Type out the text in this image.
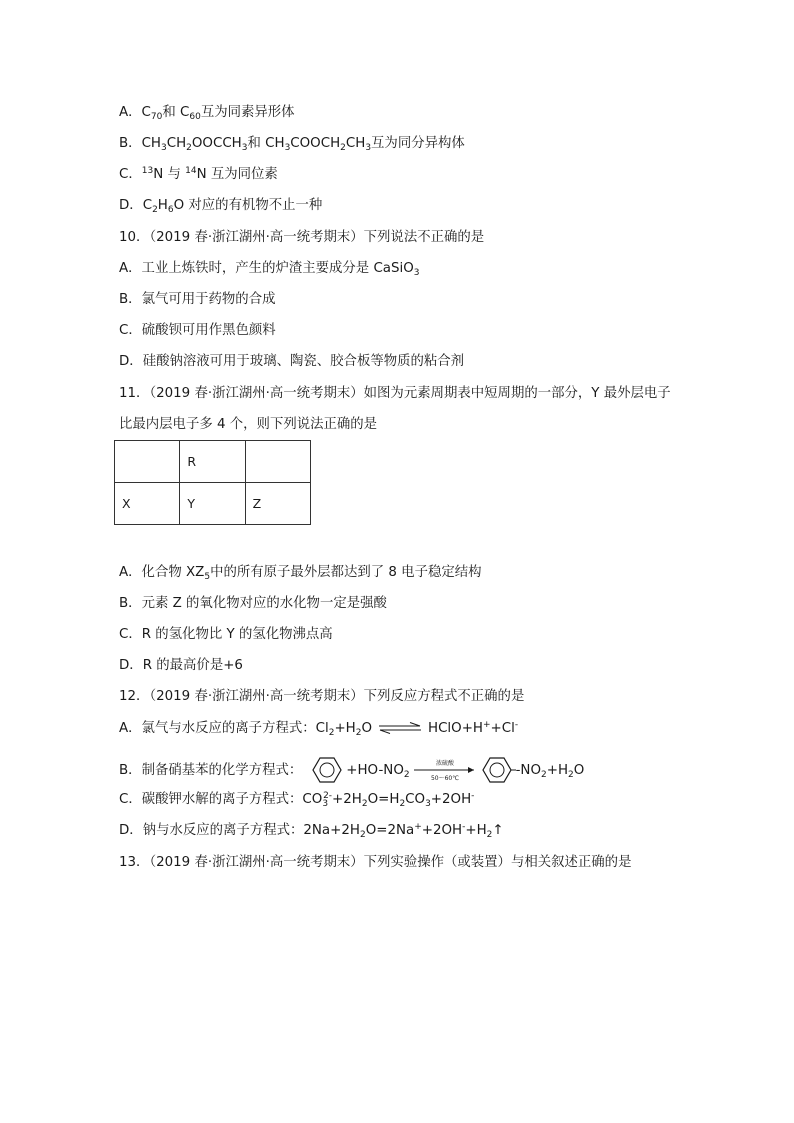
A．$C_{70}$和 $C_{60}$互为同素异形体
B．$CH_3CH_2OOCCH_3$和 $CH_3COOCH_2CH_3$互为同分异构体
C．$^{13}$N 与 $^{14}$N 互为同位素
D．$C_2H_6O$ 对应的有机物不止一种
10．（2019 春·浙江湖州·高一统考期末）下列说法不正确的是
A．工业上炼铁时，产生的炉渣主要成分是 CaSiO$_3$
B．氯气可用于药物的合成
C．硫酸钡可用作黑色颜料
D．硅酸钠溶液可用于玻璃、陶瓷、胶合板等物质的粘合剂
11．（2019 春·浙江湖州·高一统考期末）如图为元素周期表中短周期的一部分，Y 最外层电子
比最内层电子多 4 个，则下列说法正确的是
	R	
X	Y	Z
A．化合物 $XZ_5$中的所有原子最外层都达到了 8 电子稳定结构
B．元素 Z 的氧化物对应的水化物一定是强酸
C．R 的氢化物比 Y 的氢化物沸点高
D．R 的最高价是+6
12．（2019 春·浙江湖州·高一统考期末）下列反应方程式不正确的是
A．氯气与水反应的离子方程式：$Cl_2+H_2O$ ⇌ HClO+H++Cl-
B．制备硝基苯的化学方程式：	$+HO-NO_2$
浓硫酸
50～60℃
$-NO_2+H_2O$
C．碳酸钾水解的离子方程式：$CO_3^{2-}+2H_2O=H_2CO_3+2OH^-$
D．钠与水反应的离子方程式：$2Na+2H_2O=2Na^++2OH^-+H_2↑$
13．（2019 春·浙江湖州·高一统考期末）下列实验操作（或装置）与相关叙述正确的是
